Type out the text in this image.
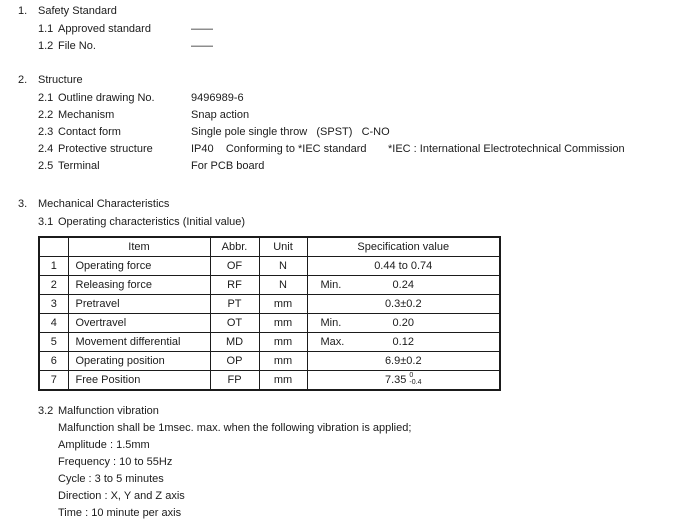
1. Safety Standard
1.1 Approved standard	——
1.2 File No.	——
2. Structure
2.1 Outline drawing No.	9496989-6
2.2 Mechanism	Snap action
2.3 Contact form	Single pole single throw   (SPST)   C-NO
2.4 Protective structure	IP40    Conforming to *IEC standard *IEC : International Electrotechnical Commission
2.5 Terminal	For PCB board
3. Mechanical Characteristics
3.1 Operating characteristics (Initial value)
	Item	Abbr.	Unit	Specification value
1	Operating force	OF	N	0.44 to 0.74
2	Releasing force	RF	N	Min. 0.24
3	Pretravel	PT	mm	0.3±0.2
4	Overtravel	OT	mm	Min. 0.20
5	Movement differential	MD	mm	Max. 0.12
6	Operating position	OP	mm	6.9±0.2
7	Free Position	FP	mm	7.35 0
-0.4
3.2 Malfunction vibration
Malfunction shall be 1msec. max. when the following vibration is applied;
Amplitude : 1.5mm
Frequency : 10 to 55Hz
Cycle : 3 to 5 minutes
Direction : X, Y and Z axis
Time : 10 minute per axis
